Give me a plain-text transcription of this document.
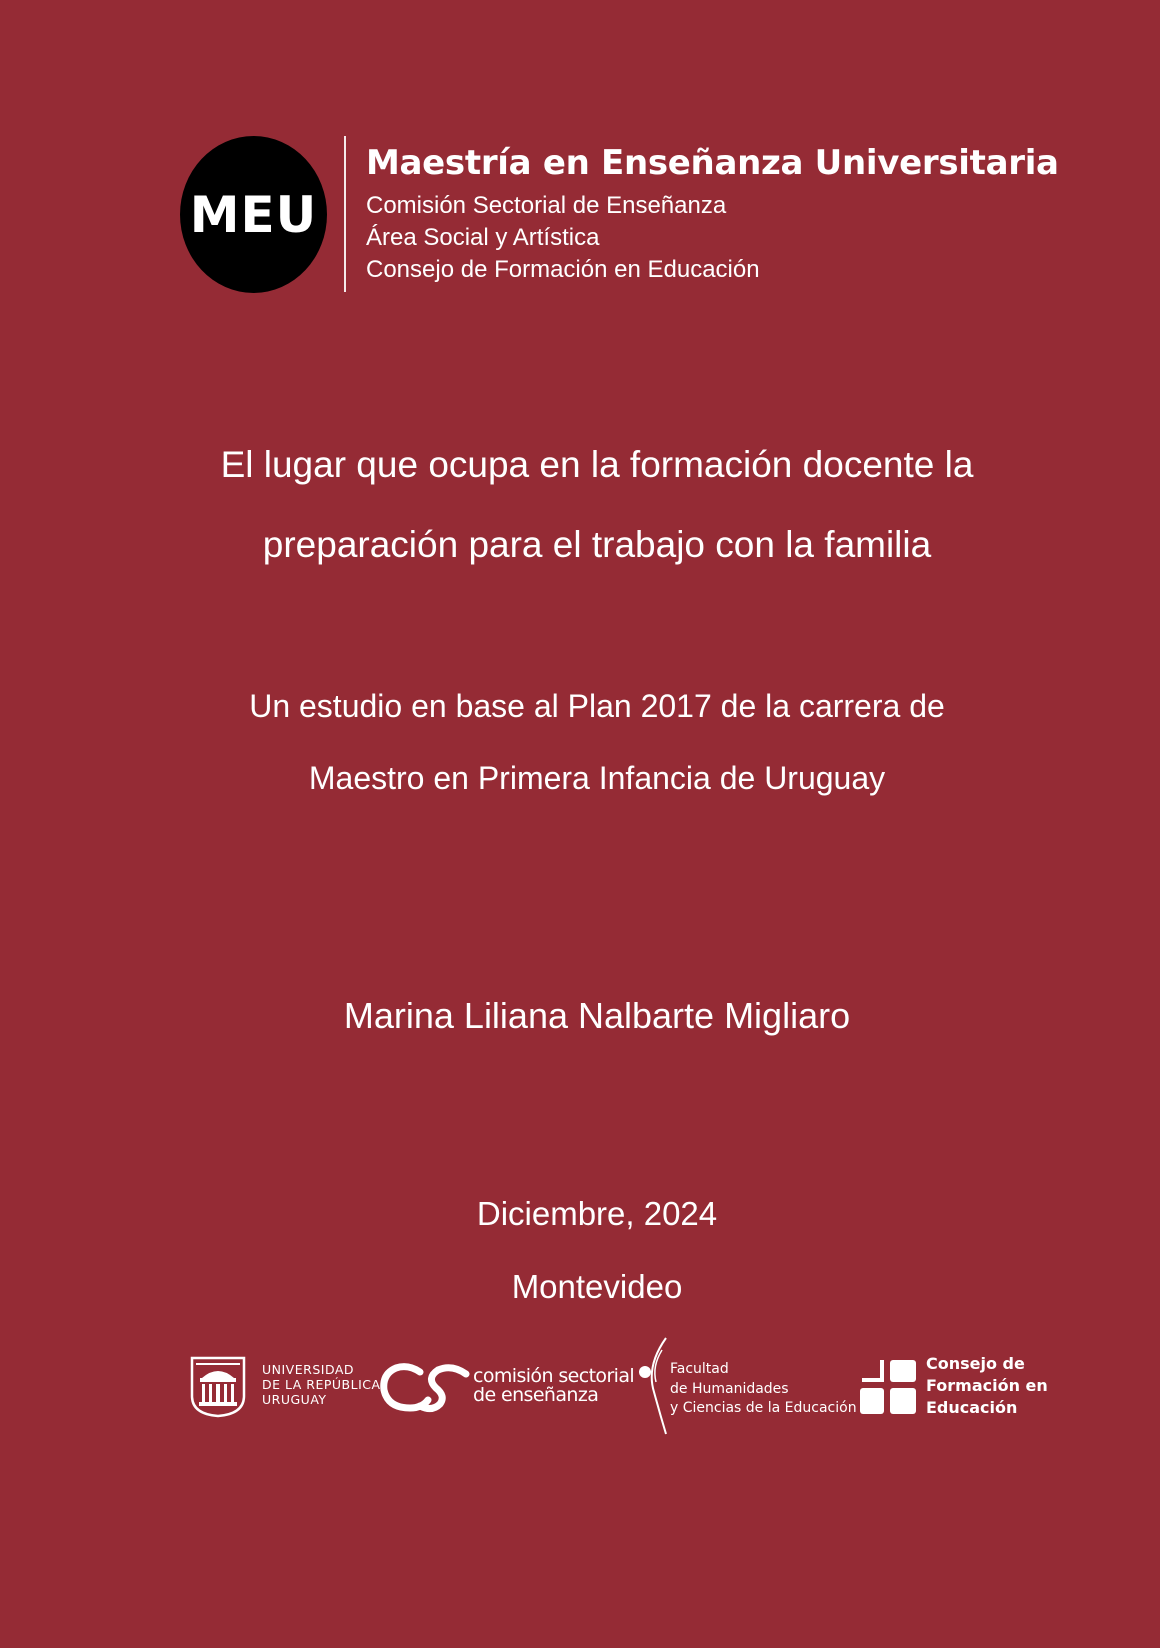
MEU
Maestría en Enseñanza Universitaria
Comisión Sectorial de Enseñanza
Área Social y Artística
Consejo de Formación en Educación
El lugar que ocupa en la formación docente la
preparación para el trabajo con la familia
Un estudio en base al Plan 2017 de la carrera de
Maestro en Primera Infancia de Uruguay
Marina Liliana Nalbarte Migliaro
Diciembre, 2024
Montevideo
UNIVERSIDAD
DE LA REPÚBLICA
URUGUAY
comisión sectorial
de enseñanza
Facultad
de Humanidades
y Ciencias de la Educación
Consejo de
Formación en
Educación
